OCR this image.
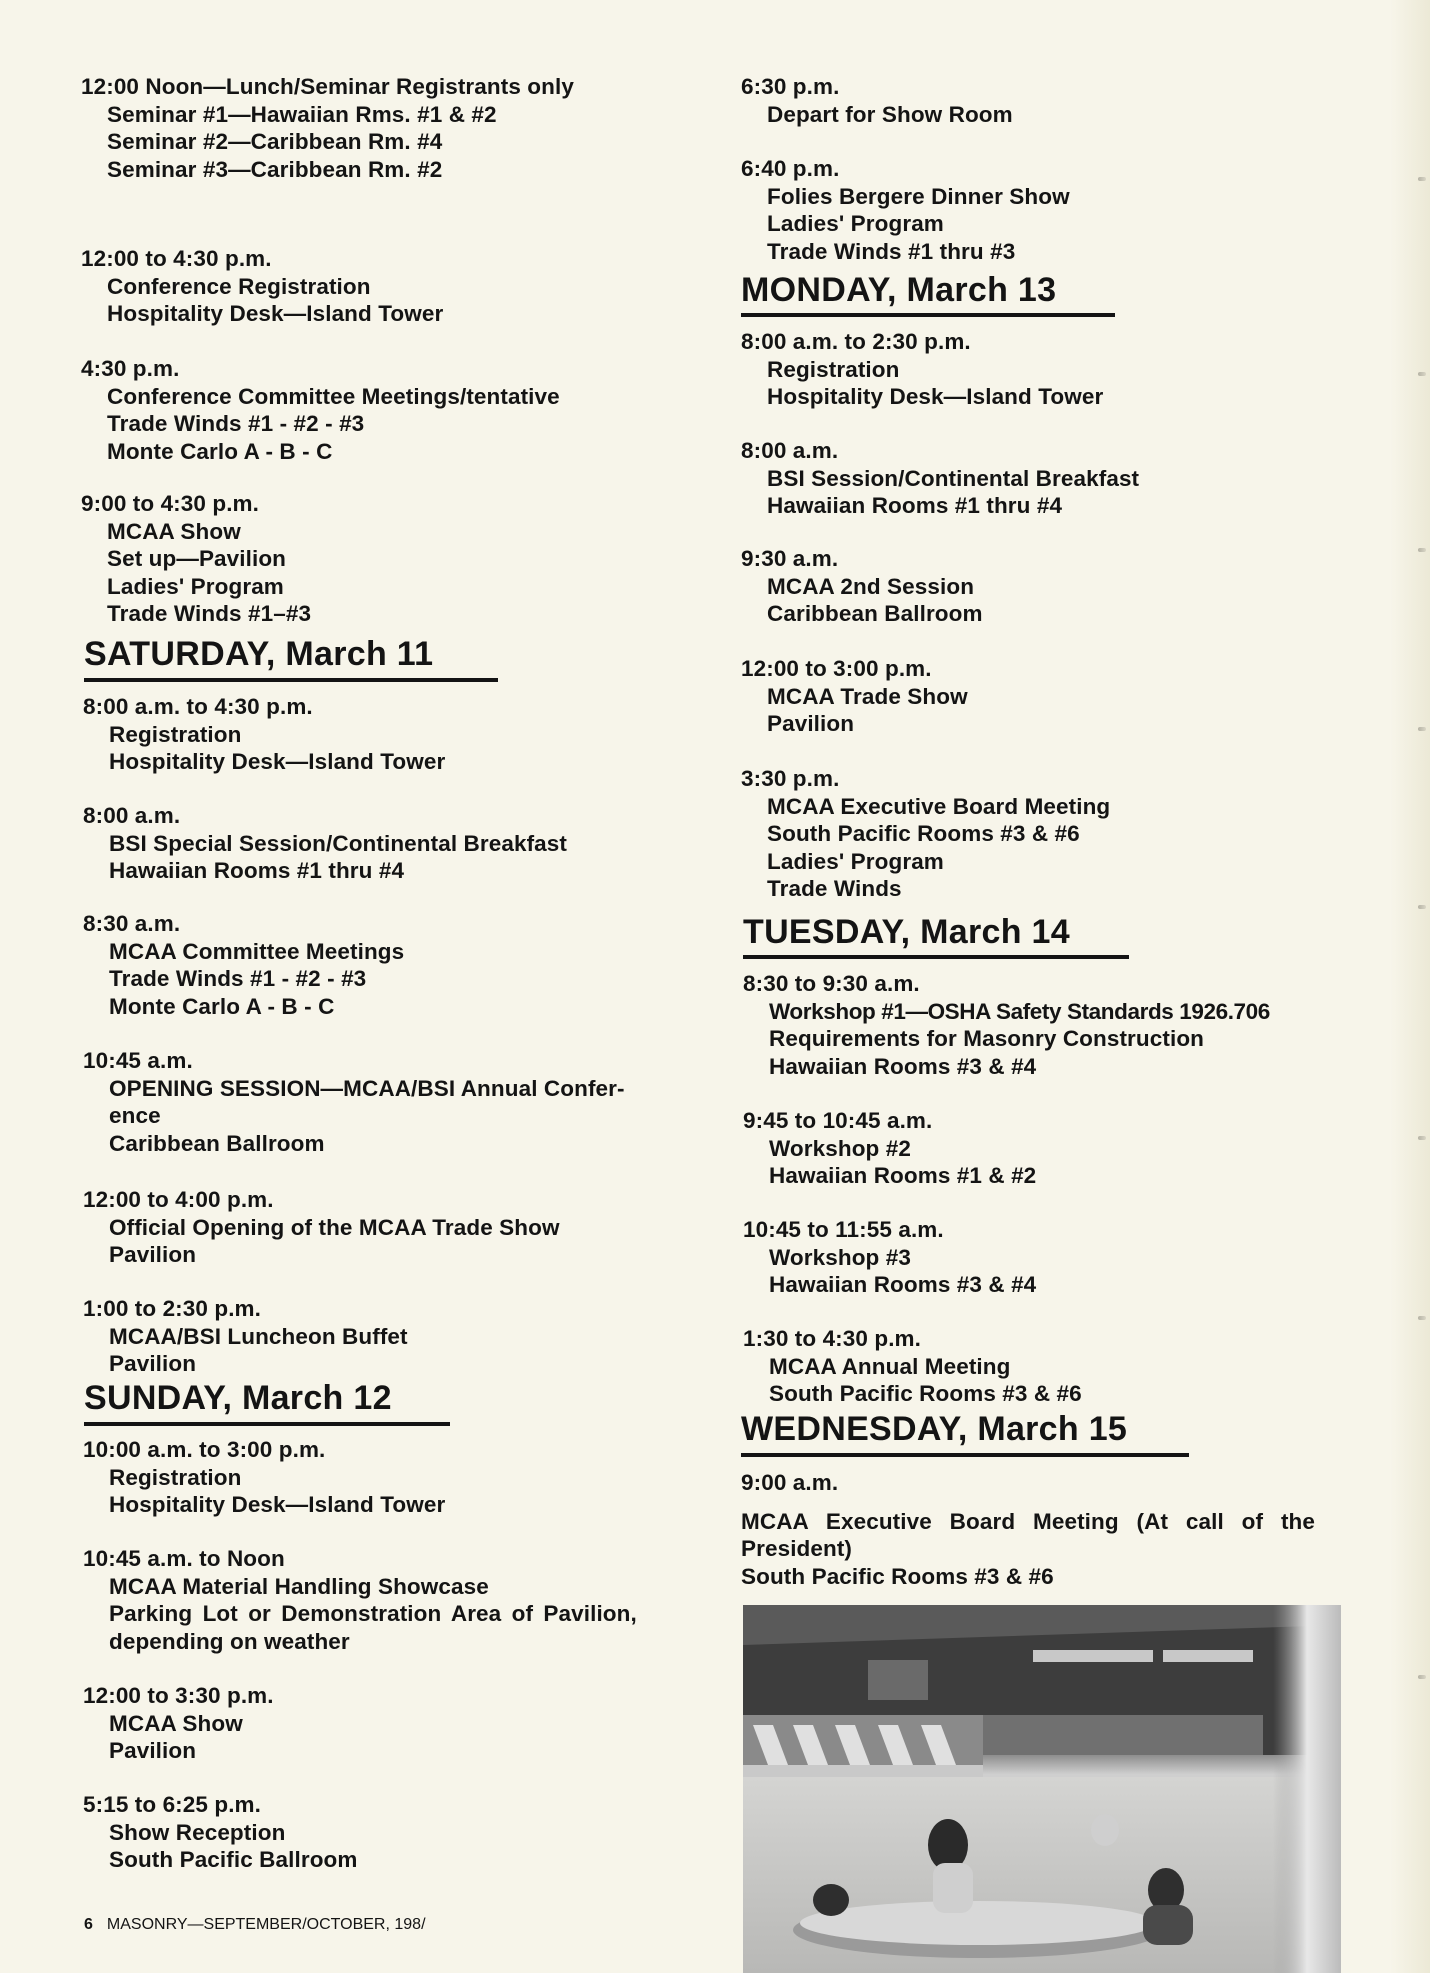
12:00 Noon—Lunch/Seminar Registrants only
Seminar #1—Hawaiian Rms. #1 & #2
Seminar #2—Caribbean Rm. #4
Seminar #3—Caribbean Rm. #2
12:00 to 4:30 p.m.
Conference Registration
Hospitality Desk—Island Tower
4:30 p.m.
Conference Committee Meetings/tentative
Trade Winds #1 - #2 - #3
Monte Carlo A - B - C
9:00 to 4:30 p.m.
MCAA Show
Set up—Pavilion
Ladies' Program
Trade Winds #1–#3
SATURDAY, March 11
8:00 a.m. to 4:30 p.m.
Registration
Hospitality Desk—Island Tower
8:00 a.m.
BSI Special Session/Continental Breakfast
Hawaiian Rooms #1 thru #4
8:30 a.m.
MCAA Committee Meetings
Trade Winds #1 - #2 - #3
Monte Carlo A - B - C
10:45 a.m.
OPENING SESSION—MCAA/BSI Annual Confer-
ence
Caribbean Ballroom
12:00 to 4:00 p.m.
Official Opening of the MCAA Trade Show
Pavilion
1:00 to 2:30 p.m.
MCAA/BSI Luncheon Buffet
Pavilion
SUNDAY, March 12
10:00 a.m. to 3:00 p.m.
Registration
Hospitality Desk—Island Tower
10:45 a.m. to Noon
MCAA Material Handling Showcase
Parking Lot or Demonstration Area of Pavilion,
depending on weather
12:00 to 3:30 p.m.
MCAA Show
Pavilion
5:15 to 6:25 p.m.
Show Reception
South Pacific Ballroom
6 MASONRY—SEPTEMBER/OCTOBER, 198/
6:30 p.m.
Depart for Show Room
6:40 p.m.
Folies Bergere Dinner Show
Ladies' Program
Trade Winds #1 thru #3
MONDAY, March 13
8:00 a.m. to 2:30 p.m.
Registration
Hospitality Desk—Island Tower
8:00 a.m.
BSI Session/Continental Breakfast
Hawaiian Rooms #1 thru #4
9:30 a.m.
MCAA 2nd Session
Caribbean Ballroom
12:00 to 3:00 p.m.
MCAA Trade Show
Pavilion
3:30 p.m.
MCAA Executive Board Meeting
South Pacific Rooms #3 & #6
Ladies' Program
Trade Winds
TUESDAY, March 14
8:30 to 9:30 a.m.
Workshop #1—OSHA Safety Standards 1926.706
Requirements for Masonry Construction
Hawaiian Rooms #3 & #4
9:45 to 10:45 a.m.
Workshop #2
Hawaiian Rooms #1 & #2
10:45 to 11:55 a.m.
Workshop #3
Hawaiian Rooms #3 & #4
1:30 to 4:30 p.m.
MCAA Annual Meeting
South Pacific Rooms #3 & #6
WEDNESDAY, March 15
9:00 a.m.
MCAA Executive Board Meeting (At call of the President)
South Pacific Rooms #3 & #6
